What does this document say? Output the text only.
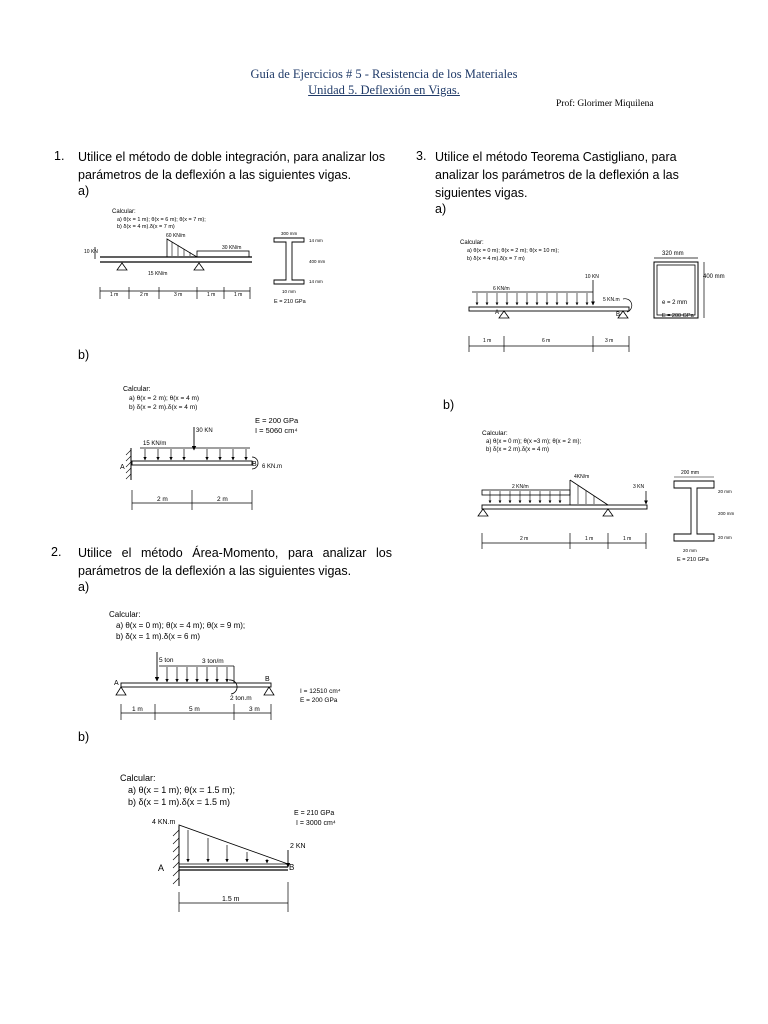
Guía de Ejercicios # 5 - Resistencia de los Materiales
Unidad 5. Deflexión en Vigas.
Prof: Glorimer Miquilena
1. Utilice el método de doble integración, para analizar los parámetros de la deflexión a las siguientes vigas.
a)
Calcular:
a) θ(x = 1 m); θ(x = 6 m); θ(x = 7 m);
b) δ(x = 4 m).δ(x = 7 m)
10 KN
60 KN/m
30 KN/m
15 KN/m
1 m	2 m	3 m	1 m	1 m
300 mm
14 mm
400 mm
14 mm
10 mm
E = 210 GPa
b)
Calcular:
a) θ(x = 2 m); θ(x = 4 m)
b) δ(x = 2 m).δ(x = 4 m)
E = 200 GPa
I = 5060 cm⁴
30 KN
15 KN/m
A	B 6 KN.m
2 m	2 m
2. Utilice el método Área-Momento, para analizar los parámetros de la deflexión a las siguientes vigas.
a)
Calcular:
a) θ(x = 0 m); θ(x = 4 m); θ(x = 9 m);
b) δ(x = 1 m).δ(x = 6 m)
5 ton	3 ton/m
A
B
2 ton.m
I = 12510 cm⁴
E = 200 GPa
1 m	5 m	3 m
b)
Calcular:
a) θ(x = 1 m); θ(x = 1.5 m);
b) δ(x = 1 m).δ(x = 1.5 m)
4 KN.m
E = 210 GPa
I = 3000 cm⁴
A
2 KN
B
1.5 m
3. Utilice el método Teorema Castigliano, para analizar los parámetros de la deflexión a las siguientes vigas.
a)
Calcular:
a) θ(x = 0 m); θ(x = 2 m); θ(x = 10 m);
b) δ(x = 4 m).δ(x = 7 m)
10 KN
6 KN/m
A	B
5 KN.m
1 m	6 m	3 m
320 mm
400 mm
e = 2 mm
E = 200 GPa
b)
Calcular:
a) θ(x = 0 m); θ(x =3 m); θ(x = 2 m);
b) δ(x = 2 m).δ(x = 4 m)
2 KN/m
4KN/m
3 KN
2 m	1 m	1 m
200 mm
20 mm
200 mm
20 mm
20 mm
E = 210 GPa
